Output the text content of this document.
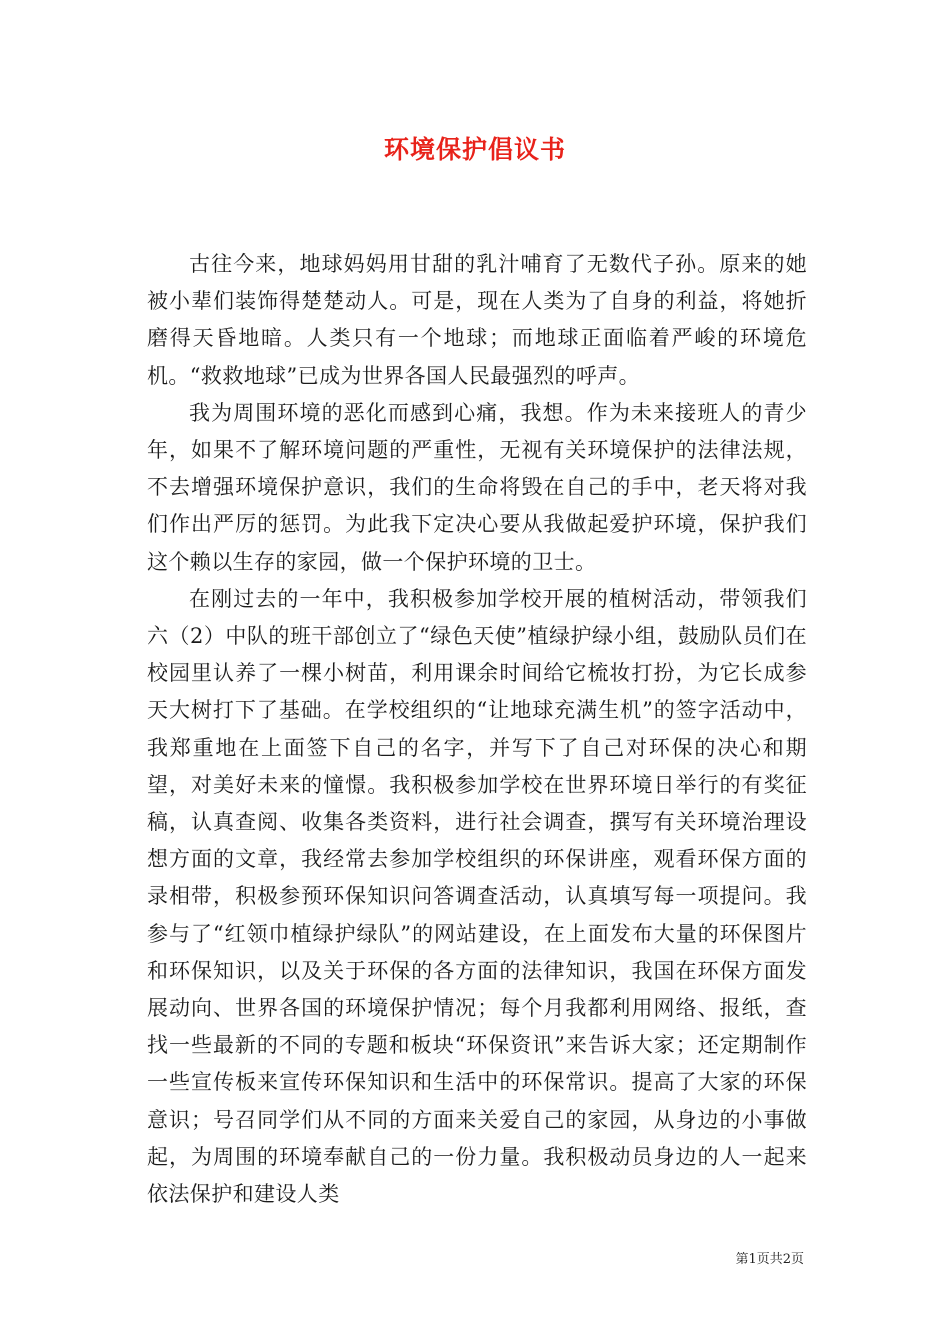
环境保护倡议书

古往今来，地球妈妈用甘甜的乳汁哺育了无数代子孙。原来的她被小辈们装饰得楚楚动人。可是，现在人类为了自身的利益，将她折磨得天昏地暗。人类只有一个地球；而地球正面临着严峻的环境危机。“救救地球”已成为世界各国人民最强烈的呼声。

我为周围环境的恶化而感到心痛，我想。作为未来接班人的青少年，如果不了解环境问题的严重性，无视有关环境保护的法律法规，不去增强环境保护意识，我们的生命将毁在自己的手中，老天将对我们作出严厉的惩罚。为此我下定决心要从我做起爱护环境，保护我们这个赖以生存的家园，做一个保护环境的卫士。

在刚过去的一年中，我积极参加学校开展的植树活动，带领我们六（2）中队的班干部创立了“绿色天使”植绿护绿小组，鼓励队员们在校园里认养了一棵小树苗，利用课余时间给它梳妆打扮，为它长成参天大树打下了基础。在学校组织的“让地球充满生机”的签字活动中，我郑重地在上面签下自己的名字，并写下了自己对环保的决心和期望，对美好未来的憧憬。我积极参加学校在世界环境日举行的有奖征稿，认真查阅、收集各类资料，进行社会调查，撰写有关环境治理设想方面的文章，我经常去参加学校组织的环保讲座，观看环保方面的录相带，积极参预环保知识问答调查活动，认真填写每一项提问。我参与了“红领巾植绿护绿队”的网站建设，在上面发布大量的环保图片和环保知识，以及关于环保的各方面的法律知识，我国在环保方面发展动向、世界各国的环境保护情况；每个月我都利用网络、报纸，查找一些最新的不同的专题和板块“环保资讯”来告诉大家；还定期制作一些宣传板来宣传环保知识和生活中的环保常识。提高了大家的环保意识；号召同学们从不同的方面来关爱自己的家园，从身边的小事做起，为周围的环境奉献自己的一份力量。我积极动员身边的人一起来依法保护和建设人类

第1页共2页
